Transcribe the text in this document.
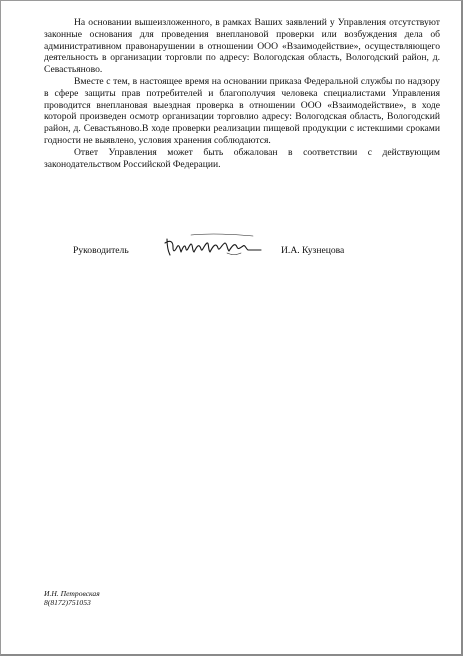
На основании вышеизложенного, в рамках Ваших заявлений у Управления отсутствуют законные основания для проведения внеплановой проверки или возбуждения дела об административном правонарушении в отношении ООО «Взаимодействие», осуществляющего деятельность в организации торговли по адресу: Вологодская область, Вологодский район, д. Севастьяново.

Вместе с тем, в настоящее время на основании приказа Федеральной службы по надзору в сфере защиты прав потребителей и благополучия человека специалистами Управления проводится внеплановая выездная проверка в отношении ООО «Взаимодействие», в ходе которой произведен осмотр организации торговлио адресу: Вологодская область, Вологодский район, д. Севастьяново.В ходе проверки реализации пищевой продукции с истекшими сроками годности не выявлено, условия хранения соблюдаются.

Ответ Управления может быть обжалован в соответствии с действующим законодательством Российской Федерации.

Руководитель	И.А. Кузнецова
И.Н. Петровская
8(8172)751053
